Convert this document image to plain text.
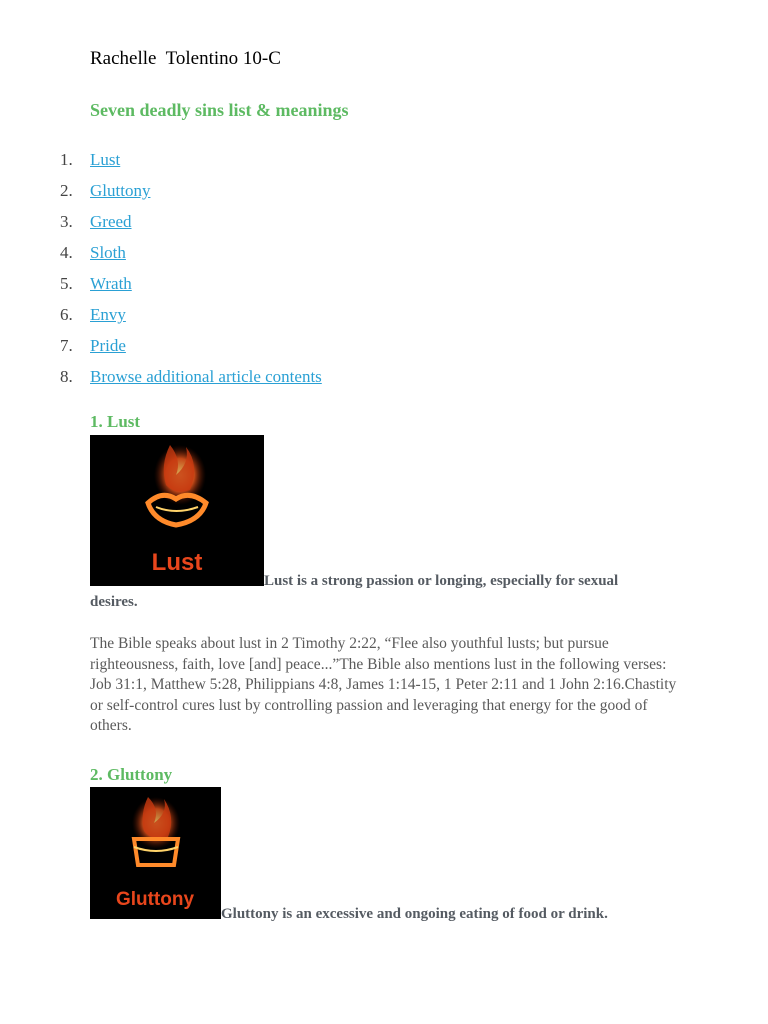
Rachelle  Tolentino 10-C
Seven deadly sins list & meanings
1.	Lust
2.	Gluttony
3.	Greed
4.	Sloth
5.	Wrath
6.	Envy
7.	Pride
8.	Browse additional article contents
1. Lust
Lust
Lust is a strong passion or longing, especially for sexual
desires.
The Bible speaks about lust in 2 Timothy 2:22, “Flee also youthful lusts; but pursue righteousness, faith, love [and] peace...”The Bible also mentions lust in the following verses: Job 31:1, Matthew 5:28, Philippians 4:8, James 1:14-15, 1 Peter 2:11 and 1 John 2:16.Chastity or self-control cures lust by controlling passion and leveraging that energy for the good of others.
2. Gluttony
Gluttony
Gluttony is an excessive and ongoing eating of food or drink.
